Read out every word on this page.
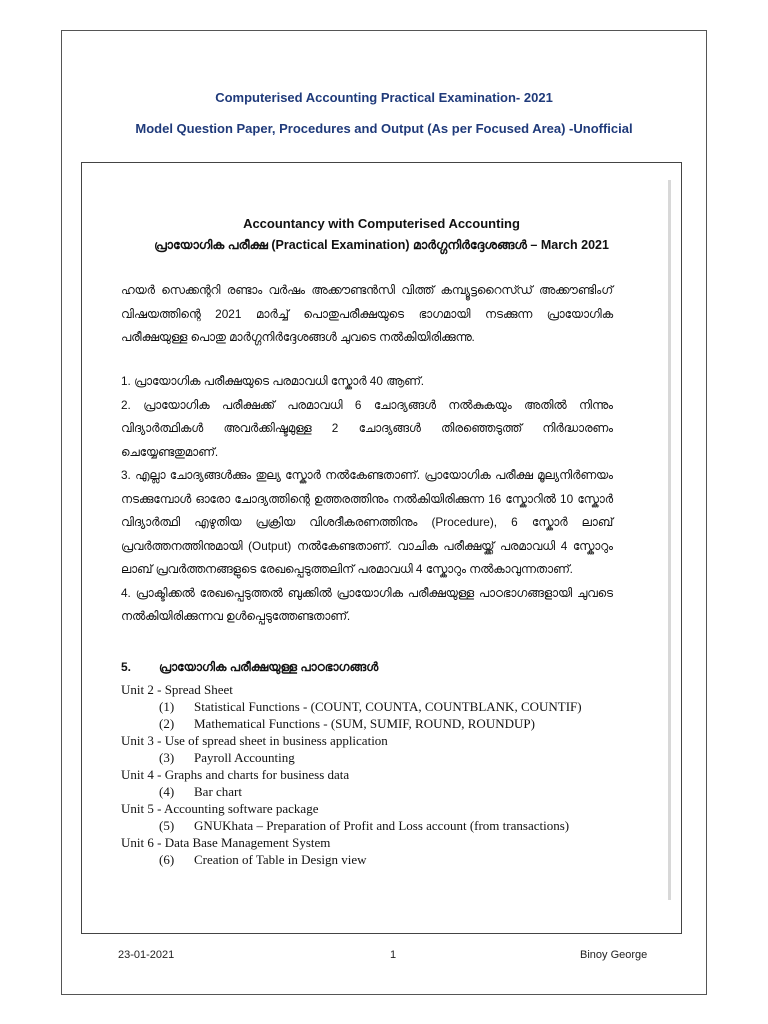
Computerised Accounting Practical Examination- 2021
Model Question Paper, Procedures and Output (As per Focused Area) -Unofficial
Accountancy with Computerised Accounting
പ്രായോഗിക പരീക്ഷ (Practical Examination) മാർഗ്ഗനിർദ്ദേശങ്ങൾ – March 2021
ഹയർ സെക്കന്ററി രണ്ടാം വർഷം അക്കൗണ്ടൻസി വിത്ത് കമ്പ്യൂട്ടറൈസ്ഡ് അക്കൗണ്ടിംഗ് വിഷയത്തിന്റെ 2021 മാർച്ച് പൊതുപരീക്ഷയുടെ ഭാഗമായി നടക്കുന്ന പ്രായോഗിക പരീക്ഷയുള്ള പൊതു മാർഗ്ഗനിർദ്ദേശങ്ങൾ ചുവടെ നൽകിയിരിക്കുന്നു.
1. പ്രായോഗിക പരീക്ഷയുടെ പരമാവധി സ്കോർ 40 ആണ്.
2. പ്രായോഗിക പരീക്ഷക്ക് പരമാവധി 6 ചോദ്യങ്ങൾ നൽകുകയും അതിൽ നിന്നും വിദ്യാർത്ഥികൾ അവർക്കിഷ്ടമുള്ള 2 ചോദ്യങ്ങൾ തിരഞ്ഞെടുത്ത് നിർദ്ധാരണം ചെയ്യേണ്ടതുമാണ്.
3. എല്ലാ ചോദ്യങ്ങൾക്കും തുല്യ സ്കോർ നൽകേണ്ടതാണ്. പ്രായോഗിക പരീക്ഷ മൂല്യനിർണയം നടക്കുമ്പോൾ ഓരോ ചോദ്യത്തിന്റെ ഉത്തരത്തിനും നൽകിയിരിക്കുന്ന 16 സ്കോറിൽ 10 സ്കോർ വിദ്യാർത്ഥി എഴുതിയ പ്രക്രിയ വിശദീകരണത്തിനും (Procedure), 6 സ്കോർ ലാബ് പ്രവർത്തനത്തിനുമായി (Output) നൽകേണ്ടതാണ്. വാചിക പരീക്ഷയ്ക്ക് പരമാവധി 4 സ്കോറും ലാബ് പ്രവർത്തനങ്ങളുടെ രേഖപ്പെടുത്തലിന് പരമാവധി 4 സ്കോറും നൽകാവുന്നതാണ്.
4. പ്രാക്ടിക്കൽ രേഖപ്പെടുത്തൽ ബുക്കിൽ പ്രായോഗിക പരീക്ഷയുള്ള പാഠഭാഗങ്ങളായി ചുവടെ നൽകിയിരിക്കുന്നവ ഉൾപ്പെടുത്തേണ്ടതാണ്.
5. പ്രായോഗിക പരീക്ഷയുള്ള പാഠഭാഗങ്ങൾ
Unit 2 - Spread Sheet
(1) Statistical Functions - (COUNT, COUNTA, COUNTBLANK, COUNTIF)
(2) Mathematical Functions - (SUM, SUMIF, ROUND, ROUNDUP)
Unit 3 - Use of spread sheet in business application
(3) Payroll Accounting
Unit 4 - Graphs and charts for business data
(4) Bar chart
Unit 5 - Accounting software package
(5) GNUKhata – Preparation of Profit and Loss account (from transactions)
Unit 6 - Data Base Management System
(6) Creation of Table in Design view
23-01-2021	1	Binoy George
